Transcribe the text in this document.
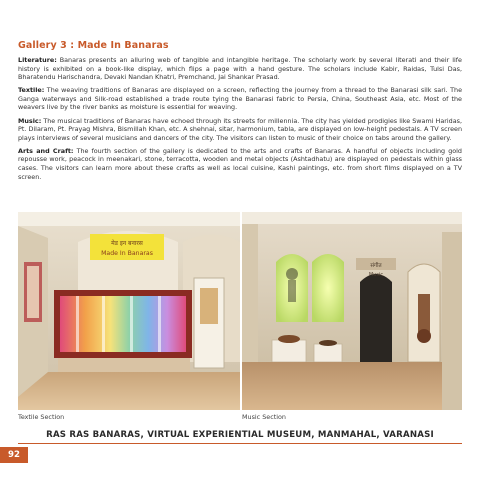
Gallery 3 : Made In Banaras

Literature: Banaras presents an alluring web of tangible and intangible heritage. The scholarly work by several literati and their life history is exhibited on a book-like display, which flips a page with a hand gesture. The scholars include Kabir, Raidas, Tulsi Das, Bharatendu Harischandra, Devaki Nandan Khatri, Premchand, Jai Shankar Prasad.

Textile: The weaving traditions of Banaras are displayed on a screen, reflecting the journey from a thread to the Banarasi silk sari. The Ganga waterways and Silk-road established a trade route tying the Banarasi fabric to Persia, China, Southeast Asia, etc. Most of the weavers live by the river banks as moisture is essential for weaving.

Music: The musical traditions of Banaras have echoed through its streets for millennia. The city has yielded prodigies like Swami Haridas, Pt. Dilaram, Pt. Prayag Mishra, Bismillah Khan, etc. A shehnai, sitar, harmonium, tabla, are displayed on low-height pedestals. A TV screen plays interviews of several musicians and dancers of the city. The visitors can listen to music of their choice on tabs around the gallery.

Arts and Craft: The fourth section of the gallery is dedicated to the arts and crafts of Banaras. A handful of objects including gold repousse work, peacock in meenakari, stone, terracotta, wooden and metal objects (Ashtadhatu) are displayed on pedestals within glass cases. The visitors can learn more about these crafts as well as local cuisine, Kashi paintings, etc. from short films displayed on a TV screen.

मेड इन बनारस
Made In Banaras
संगीत
Music
Textile Section	Music Section
RAS RAS BANARAS, VIRTUAL EXPERIENTIAL MUSEUM, MANMAHAL, VARANASI
92
